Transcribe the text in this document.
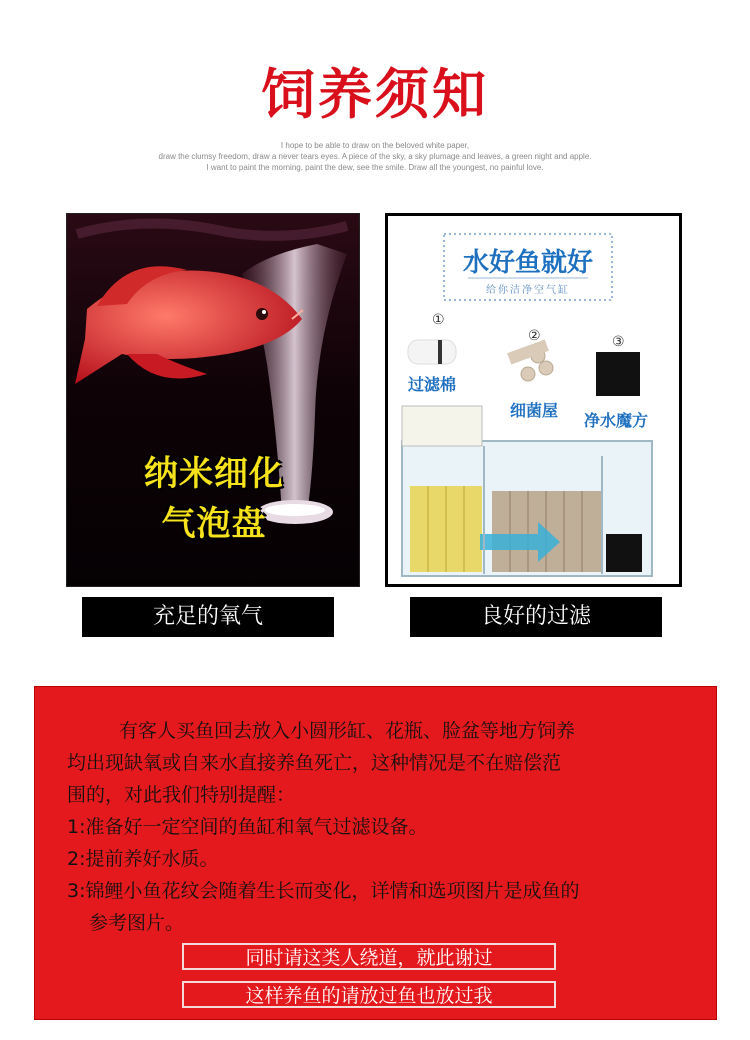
饲养须知
I hope to be able to draw on the beloved white paper,
draw the clumsy freedom, draw a never tears eyes. A piece of the sky, a sky plumage and leaves, a green night and apple.
I want to paint the morning, paint the dew, see the smile. Draw all the youngest, no painful love.
纳米细化
气泡盘
水好鱼就好
给你洁净空气缸
①
过滤棉
②
细菌屋
③
净水魔方
充足的氧气	良好的过滤
有客人买鱼回去放入小圆形缸、花瓶、脸盆等地方饲养
均出现缺氧或自来水直接养鱼死亡，这种情况是不在赔偿范
围的，对此我们特别提醒：
1:准备好一定空间的鱼缸和氧气过滤设备。
2:提前养好水质。
3:锦鲤小鱼花纹会随着生长而变化，详情和选项图片是成鱼的
参考图片。
同时请这类人绕道，就此谢过
这样养鱼的请放过鱼也放过我
